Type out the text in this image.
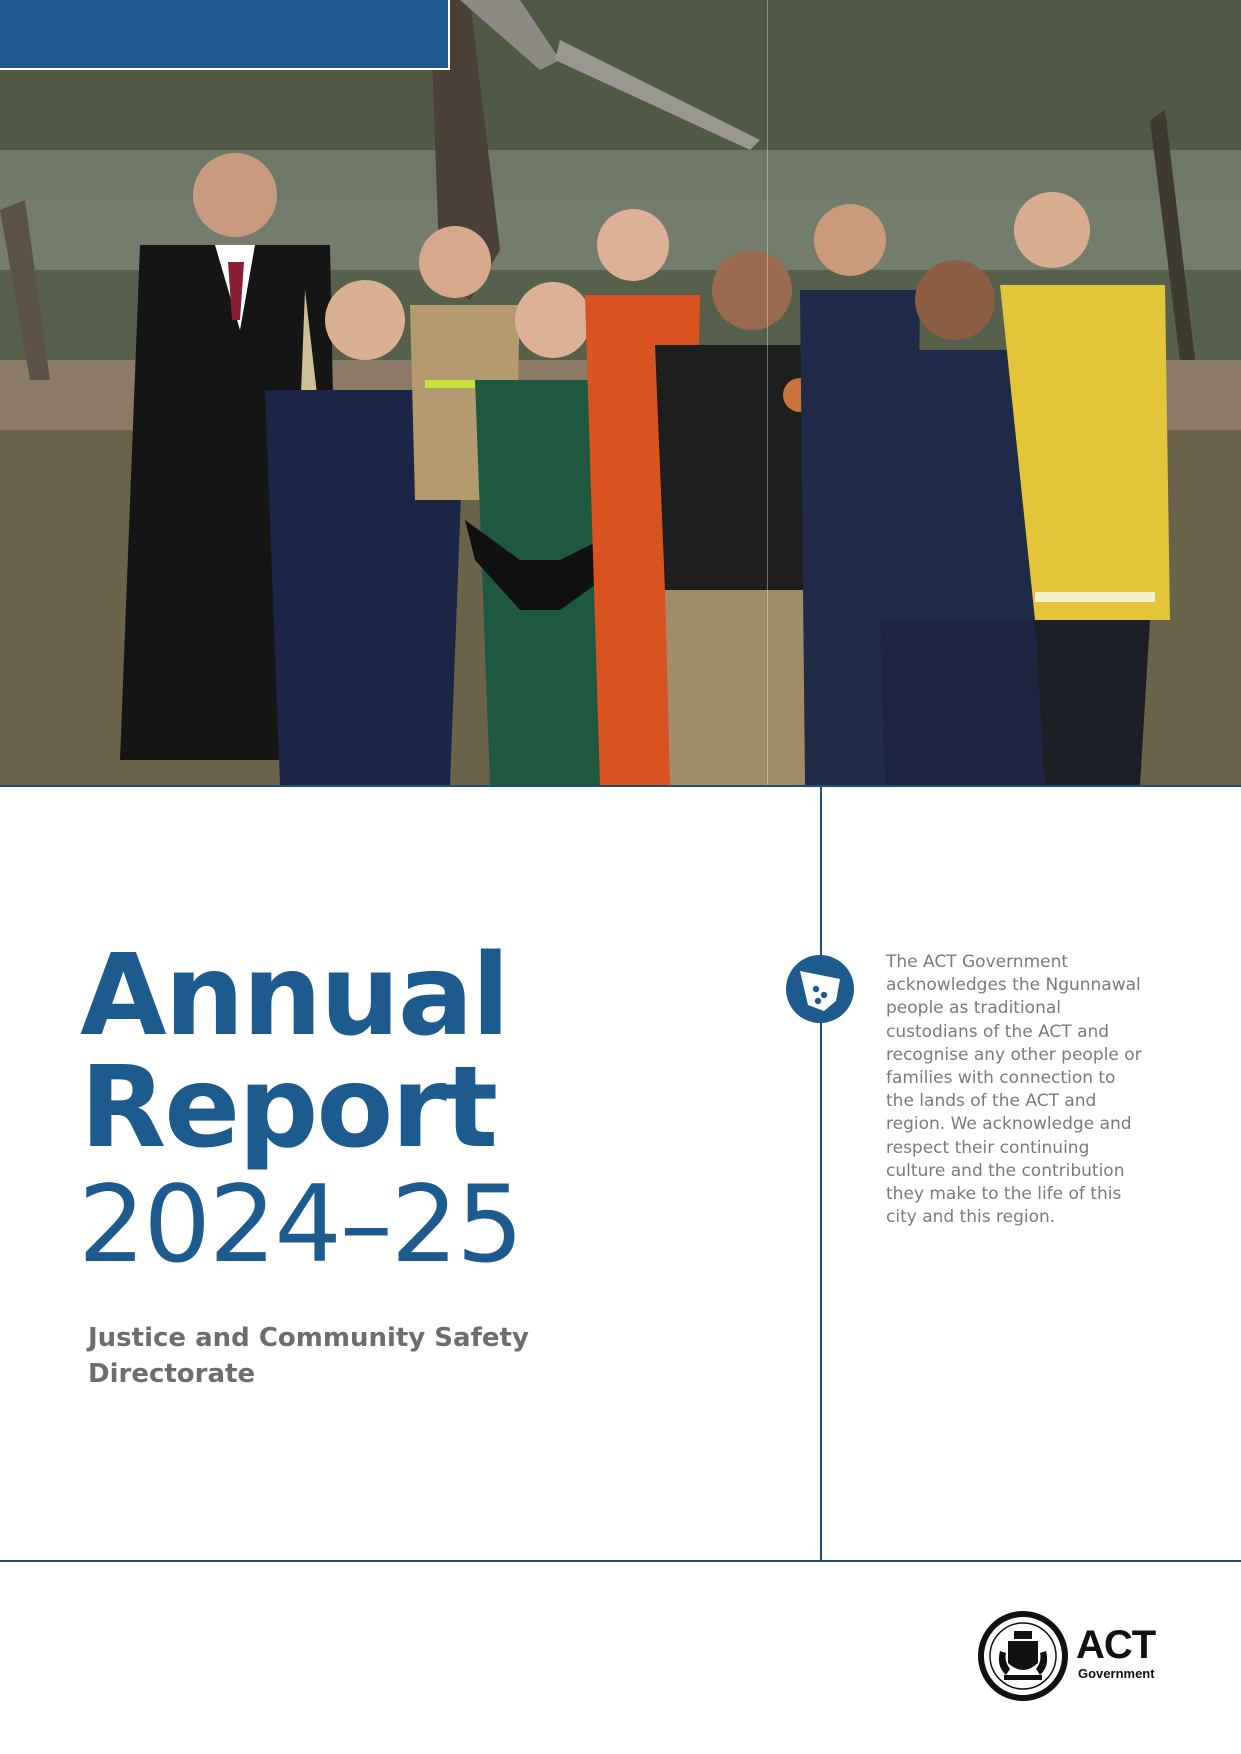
Annual
Report
2024–25
Justice and Community Safety Directorate
The ACT Government acknowledges the Ngunnawal people as traditional custodians of the ACT and recognise any other people or families with connection to the lands of the ACT and region. We acknowledge and respect their continuing culture and the contribution they make to the life of this city and this region.
ACT
Government
